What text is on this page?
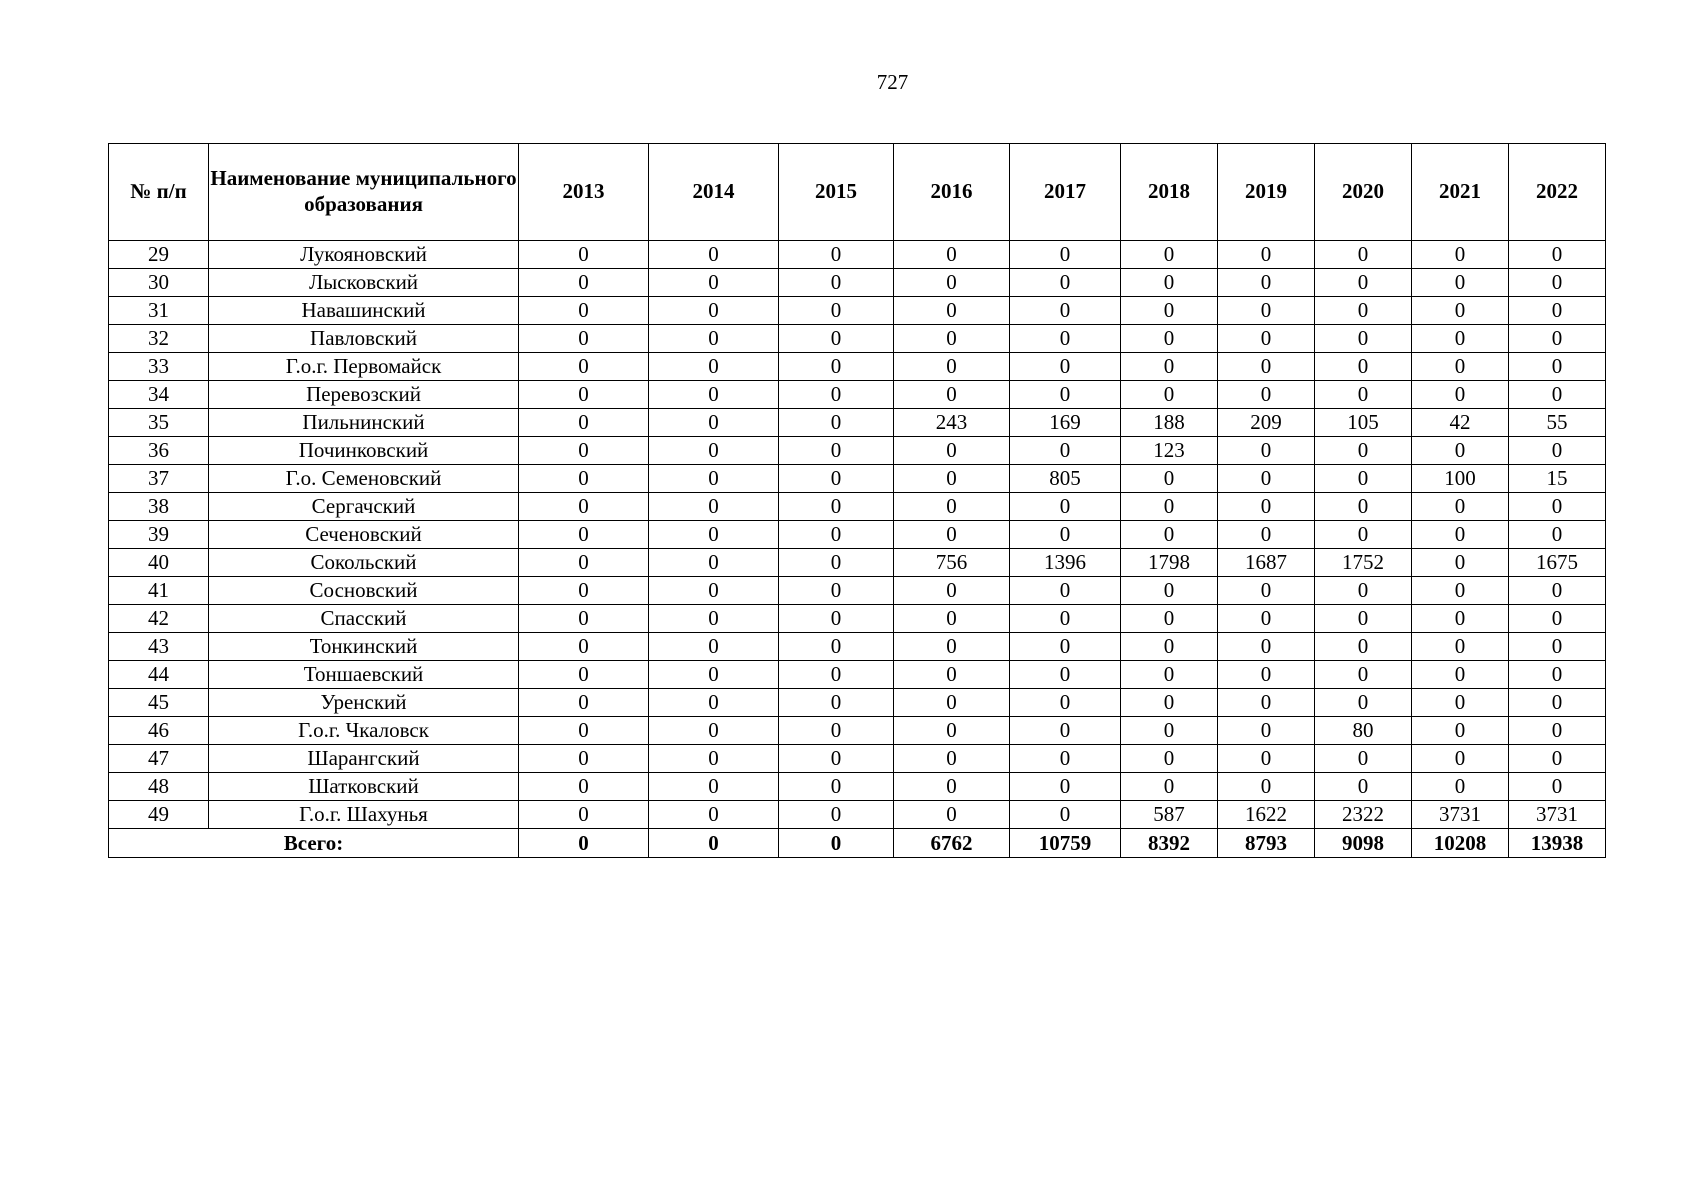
727
№ п/п	Наименование муниципального образования	2013	2014	2015	2016	2017	2018	2019	2020	2021	2022
29	Лукояновский	0	0	0	0	0	0	0	0	0	0
30	Лысковский	0	0	0	0	0	0	0	0	0	0
31	Навашинский	0	0	0	0	0	0	0	0	0	0
32	Павловский	0	0	0	0	0	0	0	0	0	0
33	Г.о.г. Первомайск	0	0	0	0	0	0	0	0	0	0
34	Перевозский	0	0	0	0	0	0	0	0	0	0
35	Пильнинский	0	0	0	243	169	188	209	105	42	55
36	Починковский	0	0	0	0	0	123	0	0	0	0
37	Г.о. Семеновский	0	0	0	0	805	0	0	0	100	15
38	Сергачский	0	0	0	0	0	0	0	0	0	0
39	Сеченовский	0	0	0	0	0	0	0	0	0	0
40	Сокольский	0	0	0	756	1396	1798	1687	1752	0	1675
41	Сосновский	0	0	0	0	0	0	0	0	0	0
42	Спасский	0	0	0	0	0	0	0	0	0	0
43	Тонкинский	0	0	0	0	0	0	0	0	0	0
44	Тоншаевский	0	0	0	0	0	0	0	0	0	0
45	Уренский	0	0	0	0	0	0	0	0	0	0
46	Г.о.г. Чкаловск	0	0	0	0	0	0	0	80	0	0
47	Шарангский	0	0	0	0	0	0	0	0	0	0
48	Шатковский	0	0	0	0	0	0	0	0	0	0
49	Г.о.г. Шахунья	0	0	0	0	0	587	1622	2322	3731	3731
Всего:		0	0	0	6762	10759	8392	8793	9098	10208	13938
